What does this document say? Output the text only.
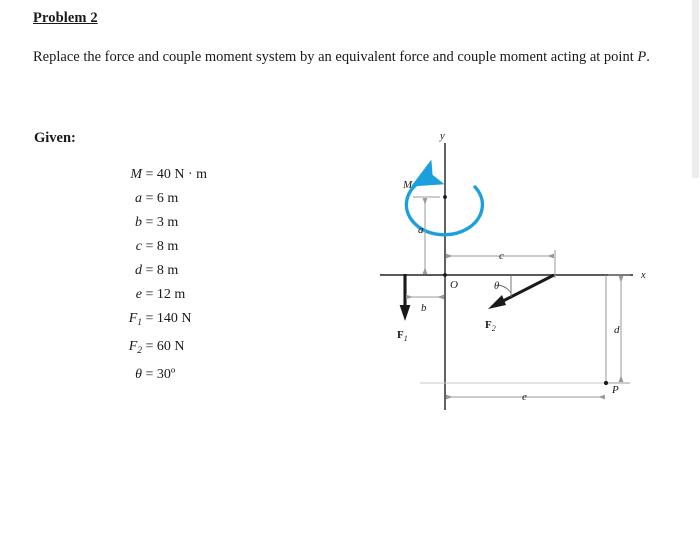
Problem 2
Replace the force and couple moment system by an equivalent force and couple moment acting at point P.
Given:
M = 40 N · m
a = 6 m
b = 3 m
c = 8 m
d = 8 m
e = 12 m
$F_1 = 140$ N
$F_2 = 60$ N
θ = 30º
x
y
O
M
a
c
$F_1$
b
$F_2$
θ
P
d
e
